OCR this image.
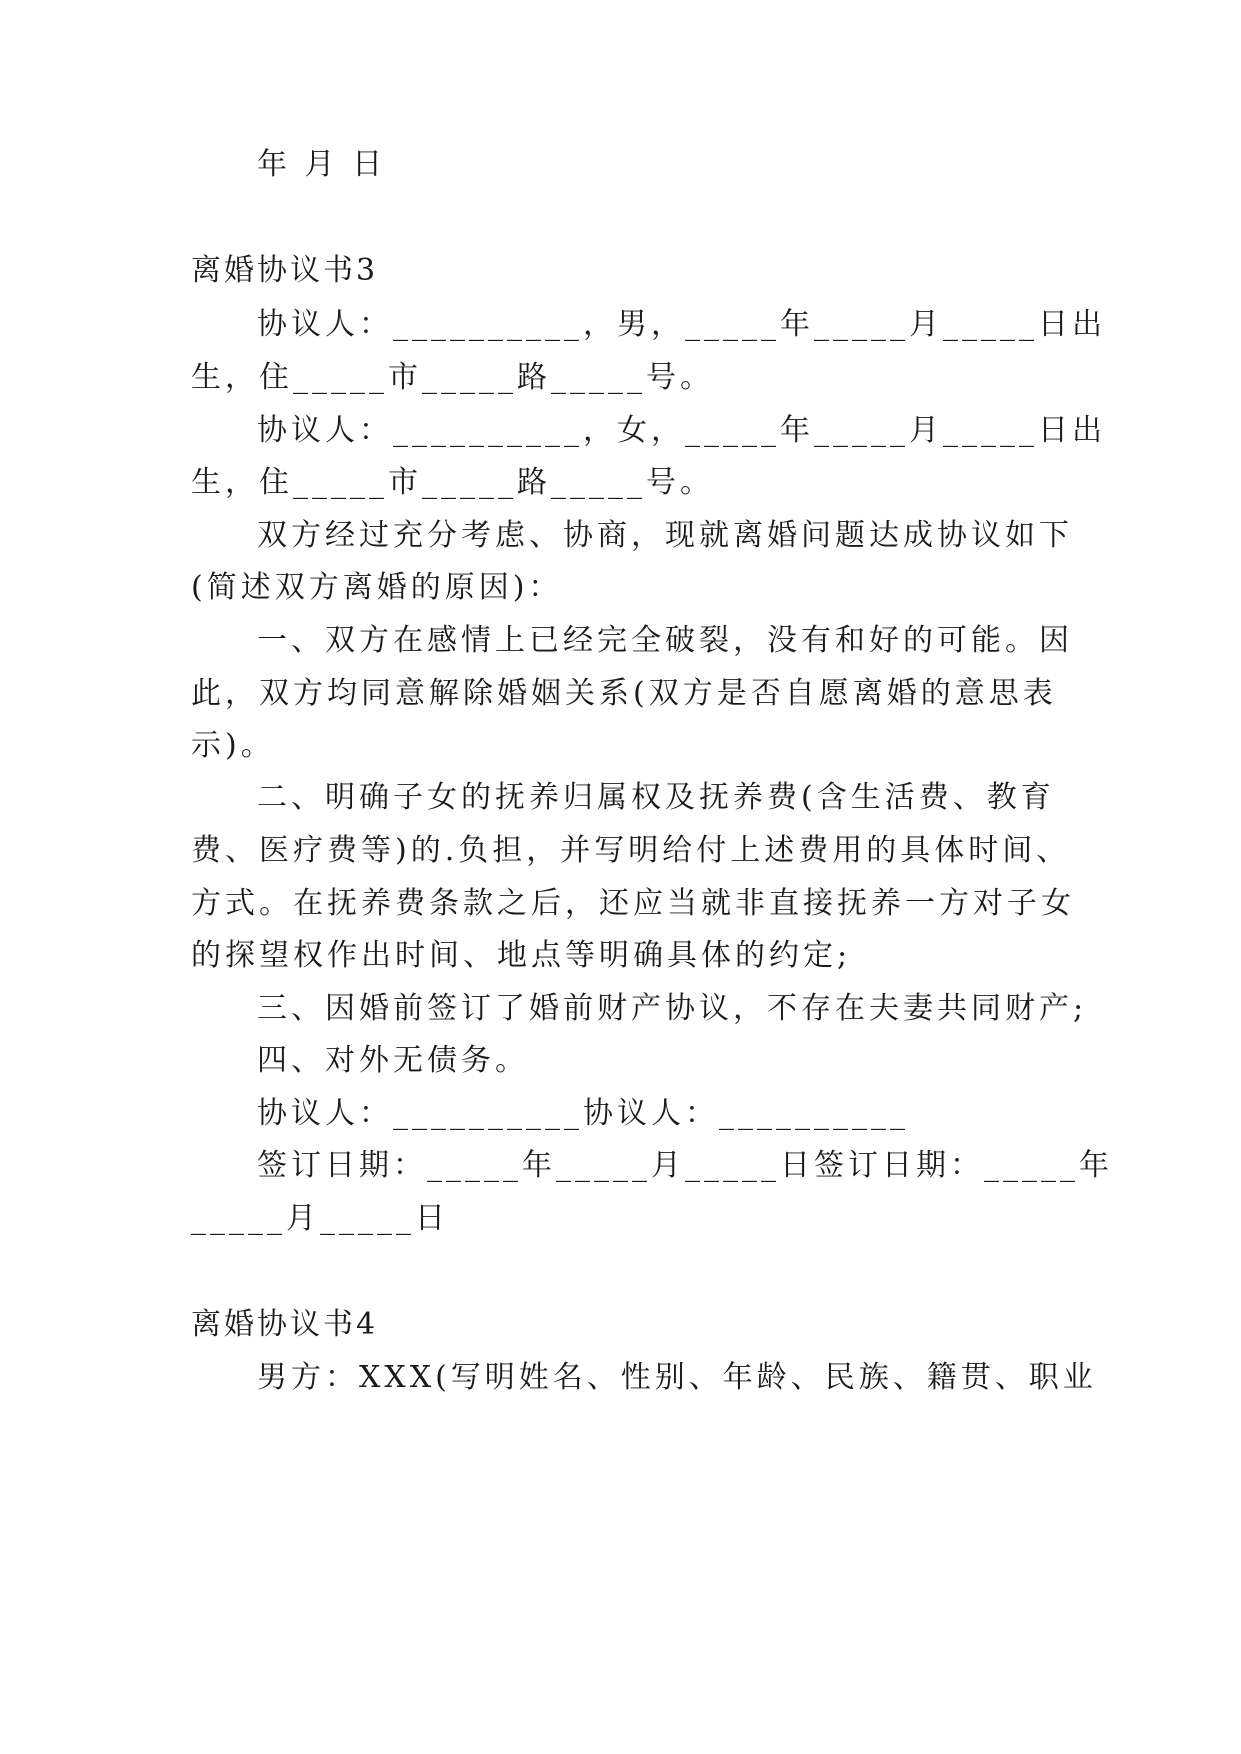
年 月 日
离婚协议书3
协议人：__________，男，_____年_____月_____日出
生，住_____市_____路_____号。
协议人：__________，女，_____年_____月_____日出
生，住_____市_____路_____号。
双方经过充分考虑、协商，现就离婚问题达成协议如下
(简述双方离婚的原因)：
一、双方在感情上已经完全破裂，没有和好的可能。因
此，双方均同意解除婚姻关系(双方是否自愿离婚的意思表
示)。
二、明确子女的抚养归属权及抚养费(含生活费、教育
费、医疗费等)的.负担，并写明给付上述费用的具体时间、
方式。在抚养费条款之后，还应当就非直接抚养一方对子女
的探望权作出时间、地点等明确具体的约定;
三、因婚前签订了婚前财产协议，不存在夫妻共同财产;
四、对外无债务。
协议人：__________协议人：__________
签订日期：_____年_____月_____日签订日期：_____年
_____月_____日
离婚协议书4
男方：XXX(写明姓名、性别、年龄、民族、籍贯、职业
